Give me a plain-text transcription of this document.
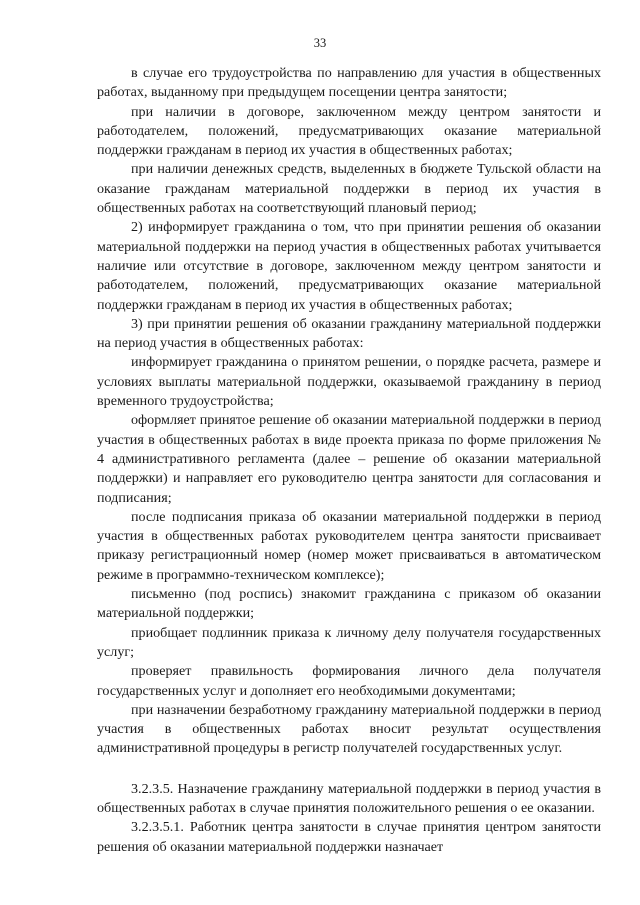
33

в случае его трудоустройства по направлению для участия в общественных работах, выданному при предыдущем посещении центра занятости;

при наличии в договоре, заключенном между центром занятости и работодателем, положений, предусматривающих оказание материальной поддержки гражданам в период их участия в общественных работах;

при наличии денежных средств, выделенных в бюджете Тульской области на оказание гражданам материальной поддержки в период их участия в общественных работах на соответствующий плановый период;

2) информирует гражданина о том, что при принятии решения об оказании материальной поддержки на период участия в общественных работах учитывается наличие или отсутствие в договоре, заключенном между центром занятости и работодателем, положений, предусматривающих оказание материальной поддержки гражданам в период их участия в общественных работах;

3) при принятии решения об оказании гражданину материальной поддержки на период участия в общественных работах:

информирует гражданина о принятом решении, о порядке расчета, размере и условиях выплаты материальной поддержки, оказываемой гражданину в период временного трудоустройства;

оформляет принятое решение об оказании материальной поддержки в период участия в общественных работах в виде проекта приказа по форме приложения № 4 административного регламента (далее – решение об оказании материальной поддержки) и направляет его руководителю центра занятости для согласования и подписания;

после подписания приказа об оказании материальной поддержки в период участия в общественных работах руководителем центра занятости присваивает приказу регистрационный номер (номер может присваиваться в автоматическом режиме в программно-техническом комплексе);

письменно (под роспись) знакомит гражданина с приказом об оказании материальной поддержки;

приобщает подлинник приказа к личному делу получателя государственных услуг;

проверяет правильность формирования личного дела получателя государственных услуг и дополняет его необходимыми документами;

при назначении безработному гражданину материальной поддержки в период участия в общественных работах вносит результат осуществления административной процедуры в регистр получателей государственных услуг.

3.2.3.5. Назначение гражданину материальной поддержки в период участия в общественных работах в случае принятия положительного решения о ее оказании.

3.2.3.5.1. Работник центра занятости в случае принятия центром занятости решения об оказании материальной поддержки назначает
